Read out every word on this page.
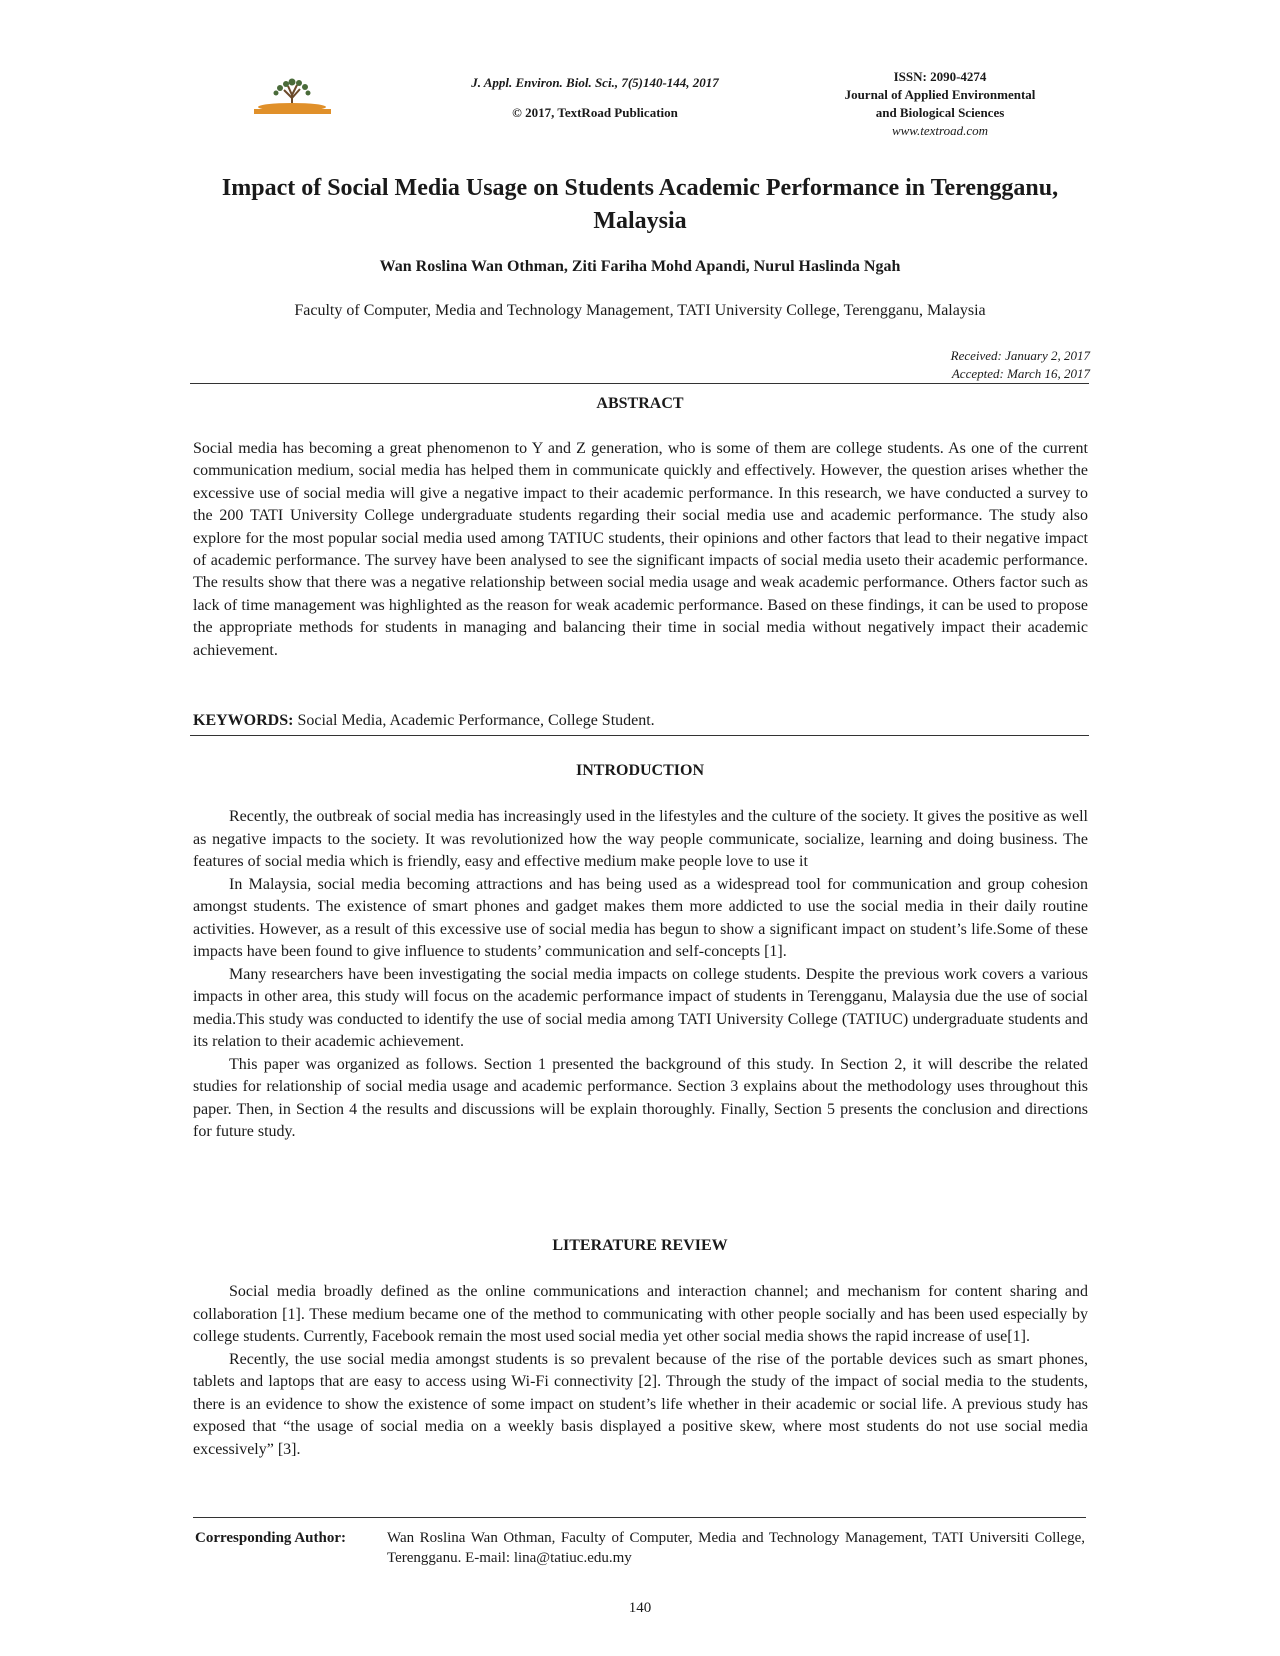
J. Appl. Environ. Biol. Sci., 7(5)140-144, 2017
© 2017, TextRoad Publication
ISSN: 2090-4274
Journal of Applied Environmental
and Biological Sciences
www.textroad.com
Impact of Social Media Usage on Students Academic Performance in Terengganu, Malaysia
Wan Roslina Wan Othman, Ziti Fariha Mohd Apandi, Nurul Haslinda Ngah
Faculty of Computer, Media and Technology Management, TATI University College, Terengganu, Malaysia
Received: January 2, 2017
Accepted: March 16, 2017
ABSTRACT

Social media has becoming a great phenomenon to Y and Z generation, who is some of them are college students. As one of the current communication medium, social media has helped them in communicate quickly and effectively. However, the question arises whether the excessive use of social media will give a negative impact to their academic performance. In this research, we have conducted a survey to the 200 TATI University College undergraduate students regarding their social media use and academic performance. The study also explore for the most popular social media used among TATIUC students, their opinions and other factors that lead to their negative impact of academic performance. The survey have been analysed to see the significant impacts of social media useto their academic performance. The results show that there was a negative relationship between social media usage and weak academic performance. Others factor such as lack of time management was highlighted as the reason for weak academic performance. Based on these findings, it can be used to propose the appropriate methods for students in managing and balancing their time in social media without negatively impact their academic achievement.

KEYWORDS: Social Media, Academic Performance, College Student.
INTRODUCTION

Recently, the outbreak of social media has increasingly used in the lifestyles and the culture of the society. It gives the positive as well as negative impacts to the society. It was revolutionized how the way people communicate, socialize, learning and doing business. The features of social media which is friendly, easy and effective medium make people love to use it

In Malaysia, social media becoming attractions and has being used as a widespread tool for communication and group cohesion amongst students. The existence of smart phones and gadget makes them more addicted to use the social media in their daily routine activities. However, as a result of this excessive use of social media has begun to show a significant impact on student’s life.Some of these impacts have been found to give influence to students’ communication and self-concepts [1].

Many researchers have been investigating the social media impacts on college students. Despite the previous work covers a various impacts in other area, this study will focus on the academic performance impact of students in Terengganu, Malaysia due the use of social media.This study was conducted to identify the use of social media among TATI University College (TATIUC) undergraduate students and its relation to their academic achievement.

This paper was organized as follows. Section 1 presented the background of this study. In Section 2, it will describe the related studies for relationship of social media usage and academic performance. Section 3 explains about the methodology uses throughout this paper. Then, in Section 4 the results and discussions will be explain thoroughly. Finally, Section 5 presents the conclusion and directions for future study.

LITERATURE REVIEW

Social media broadly defined as the online communications and interaction channel; and mechanism for content sharing and collaboration [1]. These medium became one of the method to communicating with other people socially and has been used especially by college students. Currently, Facebook remain the most used social media yet other social media shows the rapid increase of use[1].

Recently, the use social media amongst students is so prevalent because of the rise of the portable devices such as smart phones, tablets and laptops that are easy to access using Wi-Fi connectivity [2]. Through the study of the impact of social media to the students, there is an evidence to show the existence of some impact on student’s life whether in their academic or social life. A previous study has exposed that “the usage of social media on a weekly basis displayed a positive skew, where most students do not use social media excessively” [3].

Corresponding Author:	Wan Roslina Wan Othman, Faculty of Computer, Media and Technology Management, TATI Universiti College, Terengganu. E-mail: lina@tatiuc.edu.my
140
